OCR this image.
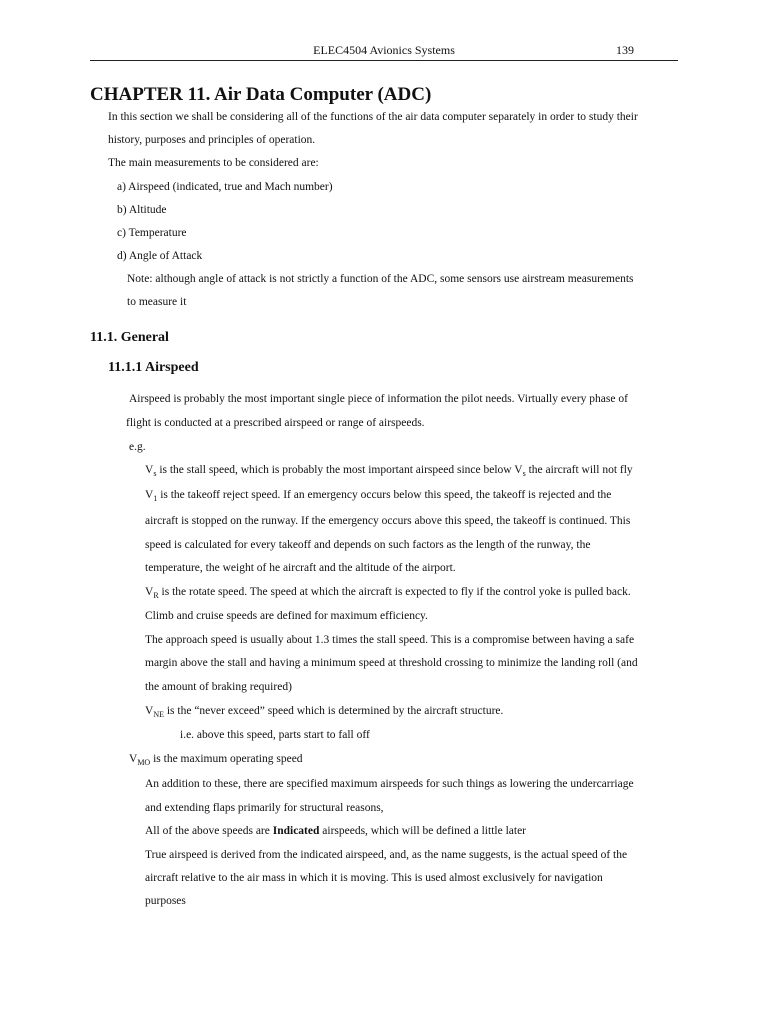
ELEC4504 Avionics Systems	139
CHAPTER 11. Air Data Computer (ADC)
In this section we shall be considering all of the functions of the air data computer separately in order to study their
history, purposes and principles of operation.
The main measurements to be considered are:
a) Airspeed (indicated, true and Mach number)
b) Altitude
c) Temperature
d) Angle of Attack
Note: although angle of attack is not strictly a function of the ADC, some sensors use airstream measurements
to measure it
11.1. General
11.1.1 Airspeed
Airspeed is probably the most important single piece of information the pilot needs. Virtually every phase of
flight is conducted at a prescribed airspeed or range of airspeeds.
e.g.
$V_s$ is the stall speed, which is probably the most important airspeed since below $V_s$ the aircraft will not fly
$V_1$ is the takeoff reject speed. If an emergency occurs below this speed, the takeoff is rejected and the
aircraft is stopped on the runway. If the emergency occurs above this speed, the takeoff is continued. This
speed is calculated for every takeoff and depends on such factors as the length of the runway, the
temperature, the weight of he aircraft and the altitude of the airport.
$V_R$ is the rotate speed. The speed at which the aircraft is expected to fly if the control yoke is pulled back.
Climb and cruise speeds are defined for maximum efficiency.
The approach speed is usually about 1.3 times the stall speed. This is a compromise between having a safe
margin above the stall and having a minimum speed at threshold crossing to minimize the landing roll (and
the amount of braking required)
$V_{NE}$ is the “never exceed” speed which is determined by the aircraft structure.
i.e. above this speed, parts start to fall off
$V_{MO}$ is the maximum operating speed
An addition to these, there are specified maximum airspeeds for such things as lowering the undercarriage
and extending flaps primarily for structural reasons,
All of the above speeds are Indicated airspeeds, which will be defined a little later
True airspeed is derived from the indicated airspeed, and, as the name suggests, is the actual speed of the
aircraft relative to the air mass in which it is moving. This is used almost exclusively for navigation
purposes
